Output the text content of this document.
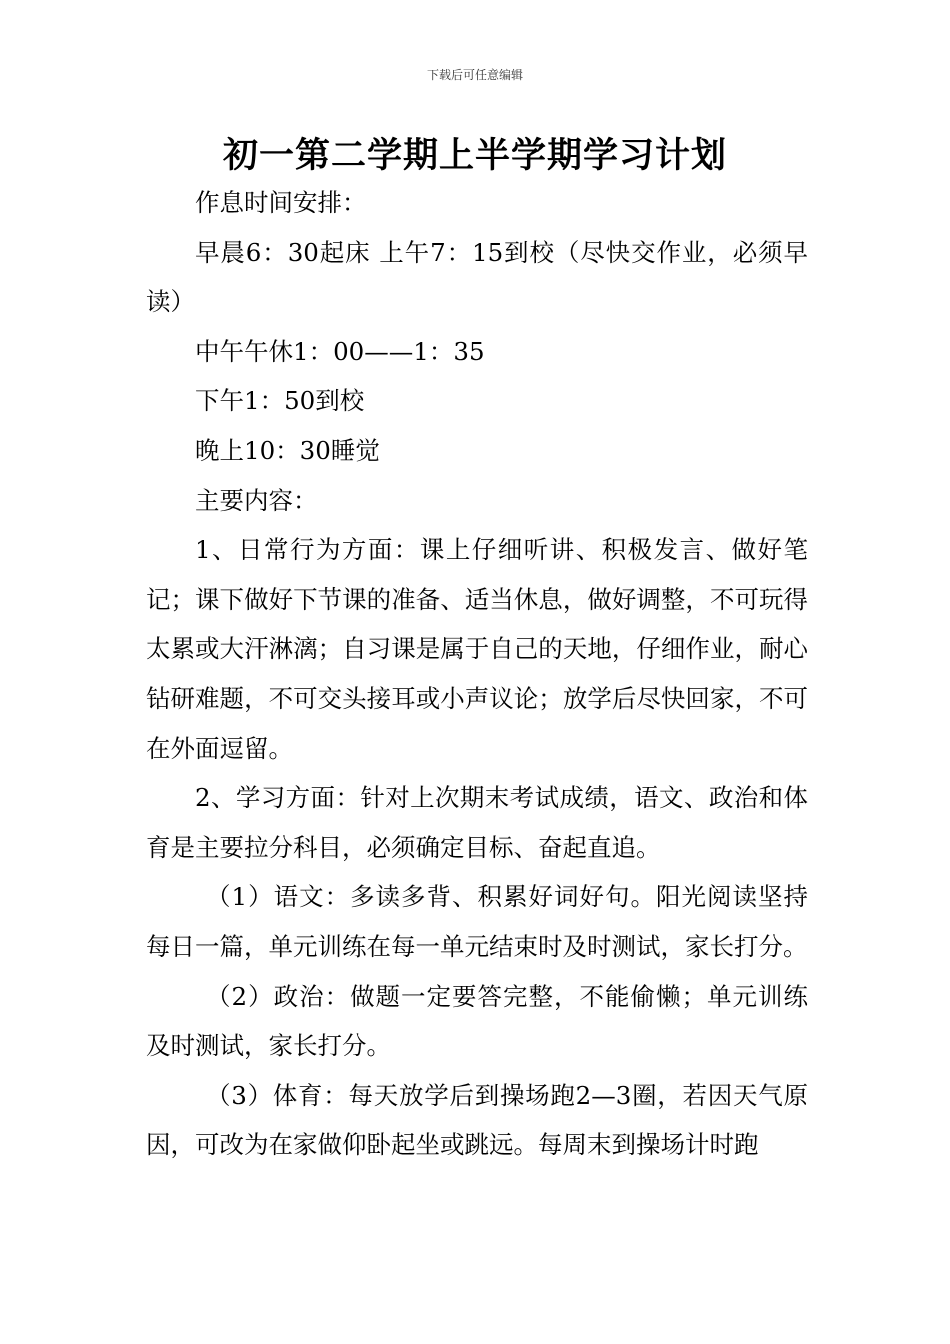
下载后可任意编辑
初一第二学期上半学期学习计划

作息时间安排：

早晨6：30起床 上午7：15到校（尽快交作业，必须早读）

中午午休1：00——1：35

下午1：50到校

晚上10：30睡觉

主要内容：

1、日常行为方面：课上仔细听讲、积极发言、做好笔记；课下做好下节课的准备、适当休息，做好调整，不可玩得太累或大汗淋漓；自习课是属于自己的天地，仔细作业，耐心钻研难题，不可交头接耳或小声议论；放学后尽快回家，不可在外面逗留。

2、学习方面：针对上次期末考试成绩，语文、政治和体育是主要拉分科目，必须确定目标、奋起直追。

（1）语文：多读多背、积累好词好句。阳光阅读坚持每日一篇，单元训练在每一单元结束时及时测试，家长打分。

（2）政治：做题一定要答完整，不能偷懒；单元训练及时测试，家长打分。

（3）体育：每天放学后到操场跑2—3圈，若因天气原因，可改为在家做仰卧起坐或跳远。每周末到操场计时跑
